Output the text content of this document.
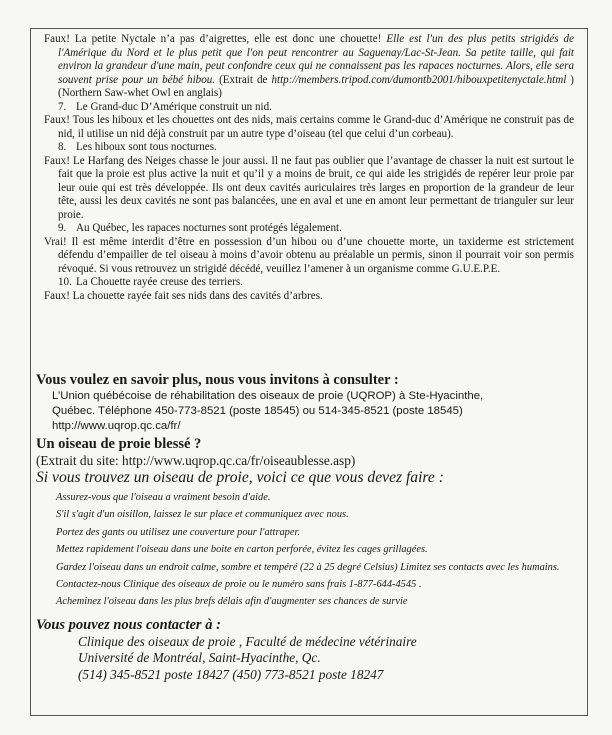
Faux! La petite Nyctale n’a pas d’aigrettes, elle est donc une chouette! Elle est l'un des plus petits strigidés de l'Amérique du Nord et le plus petit que l'on peut rencontrer au Saguenay/Lac-St-Jean. Sa petite taille, qui fait environ la grandeur d'une main, peut confondre ceux qui ne connaissent pas les rapaces nocturnes. Alors, elle sera souvent prise pour un bébé hibou. (Extrait de http://members.tripod.com/dumontb2001/hibouxpetitenyctale.html )(Northern Saw-whet Owl en anglais)

7. Le Grand-duc D’Amérique construit un nid.

Faux! Tous les hiboux et les chouettes ont des nids, mais certains comme le Grand-duc d’Amérique ne construit pas de nid, il utilise un nid déjà construit par un autre type d’oiseau (tel que celui d’un corbeau).

8. Les hiboux sont tous nocturnes.

Faux! Le Harfang des Neiges chasse le jour aussi. Il ne faut pas oublier que l’avantage de chasser la nuit est surtout le fait que la proie est plus active la nuit et qu’il y a moins de bruit, ce qui aide les strigidés de repérer leur proie par leur ouie qui est très développée. Ils ont deux cavités auriculaires très larges en proportion de la grandeur de leur tête, aussi les deux cavités ne sont pas balancées, une en aval et une en amont leur permettant de trianguler sur leur proie.

9. Au Québec, les rapaces nocturnes sont protégés légalement.

Vrai! Il est même interdit d’être en possession d’un hibou ou d’une chouette morte, un taxiderme est strictement défendu d’empailler de tel oiseau à moins d’avoir obtenu au préalable un permis, sinon il pourrait voir son permis révoqué. Si vous retrouvez un strigidé décédé, veuillez l’amener à un organisme comme G.U.E.P.E.

10. La Chouette rayée creuse des terriers.

Faux! La chouette rayée fait ses nids dans des cavités d’arbres.

Vous voulez en savoir plus, nous vous invitons à consulter :

L’Union québécoise de réhabilitation des oiseaux de proie (UQROP) à Ste-Hyacinthe,

Québec. Téléphone 450-773-8521 (poste 18545) ou 514-345-8521 (poste 18545)

http://www.uqrop.qc.ca/fr/

Un oiseau de proie blessé ?

(Extrait du site: http://www.uqrop.qc.ca/fr/oiseaublesse.asp)

Si vous trouvez un oiseau de proie, voici ce que vous devez faire :

Assurez-vous que l'oiseau a vraiment besoin d'aide.
S'il s'agit d'un oisillon, laissez le sur place et communiquez avec nous.
Portez des gants ou utilisez une couverture pour l'attraper.
Mettez rapidement l'oiseau dans une boite en carton perforée, évitez les cages grillagées.
Gardez l'oiseau dans un endroit calme, sombre et tempéré (22 à 25 degré Celsius) Limitez ses contacts avec les humains.
Contactez-nous Clinique des oiseaux de proie ou le numéro sans frais 1-877-644-4545 .
Acheminez l'oiseau dans les plus brefs délais afin d'augmenter ses chances de survie

Vous pouvez nous contacter à :

Clinique des oiseaux de proie , Faculté de médecine vétérinaire

Université de Montréal, Saint-Hyacinthe, Qc.

(514) 345-8521 poste 18427 (450) 773-8521 poste 18247
